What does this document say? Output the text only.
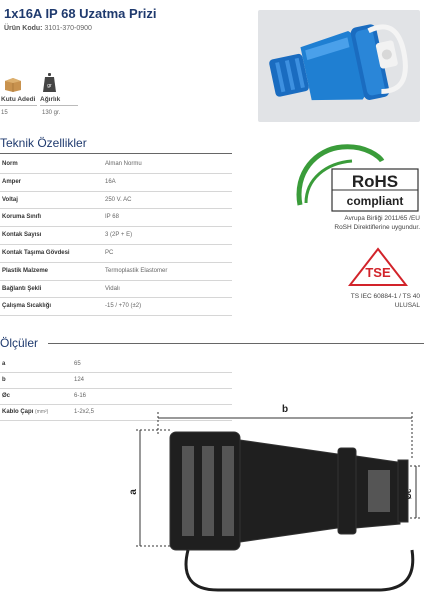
1x16A IP 68 Uzatma Prizi
Ürün Kodu: 3101-370-0900
gr
Kutu Adedi Ağırlık
15	130 gr.
Teknik Özellikler
Norm	Alman Normu
Amper	16A
Voltaj	250 V. AC
Koruma Sınıfı	IP 68
Kontak Sayısı	3 (2P + E)
Kontak Taşıma Gövdesi	PC
Plastik Malzeme	Termoplastik Elastomer
Bağlantı Şekli	Vidalı
Çalışma Sıcaklığı	-15 / +70 (±2)
RoHS
compliant
Avrupa Birliği 2011/65 /EU
RoSH Direktiflerine uygundur.
TSE
TS IEC 60884-1 / TS 40
ULUSAL
Ölçüler
a	65
b	124
Øc	6-16
Kablo Çapı (mm²)	1-2x2,5	b
a	Øc
